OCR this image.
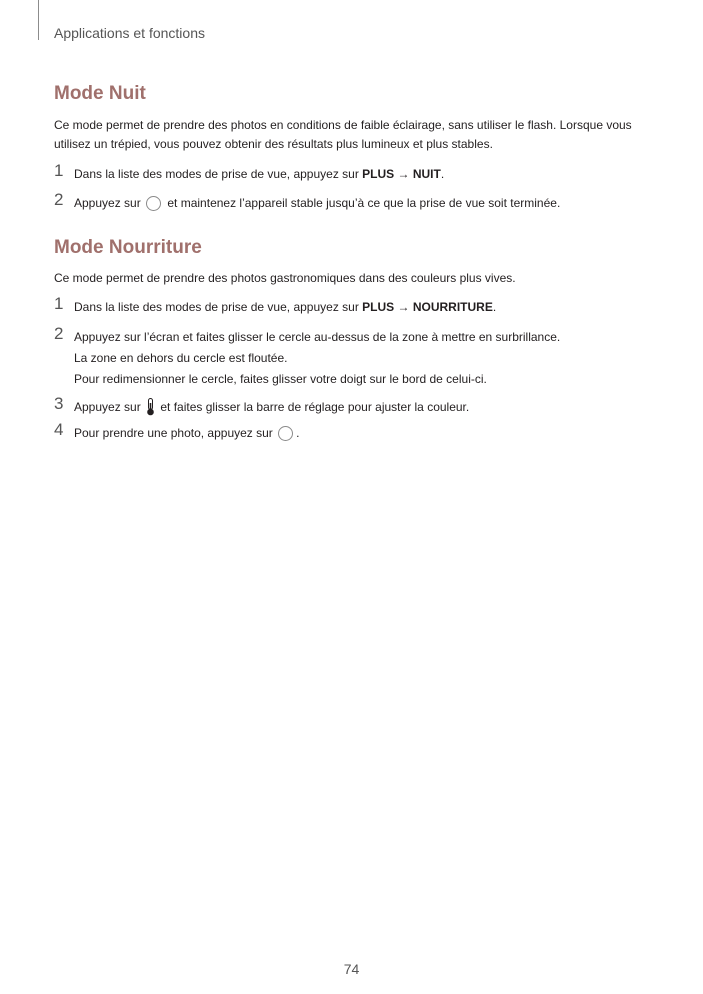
Applications et fonctions
Mode Nuit

Ce mode permet de prendre des photos en conditions de faible éclairage, sans utiliser le flash. Lorsque vous
utilisez un trépied, vous pouvez obtenir des résultats plus lumineux et plus stables.

1 Dans la liste des modes de prise de vue, appuyez sur PLUS → NUIT.
2 Appuyez sur  et maintenez l’appareil stable jusqu’à ce que la prise de vue soit terminée.
Mode Nourriture

Ce mode permet de prendre des photos gastronomiques dans des couleurs plus vives.

1 Dans la liste des modes de prise de vue, appuyez sur PLUS → NOURRITURE.
2 Appuyez sur l’écran et faites glisser le cercle au-dessus de la zone à mettre en surbrillance.
La zone en dehors du cercle est floutée.
Pour redimensionner le cercle, faites glisser votre doigt sur le bord de celui-ci.
3 Appuyez sur  et faites glisser la barre de réglage pour ajuster la couleur.
4 Pour prendre une photo, appuyez sur .
74
